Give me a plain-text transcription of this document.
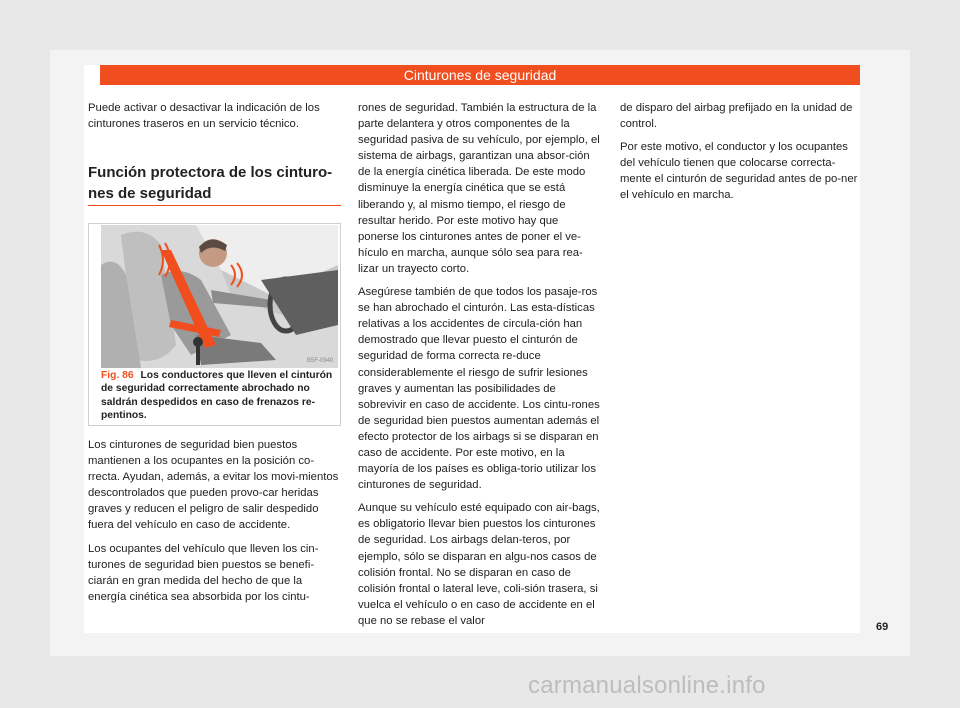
Cinturones de seguridad

Puede activar o desactivar la indicación de los cinturones traseros en un servicio técnico.

Función protectora de los cinturo-nes de seguridad
B5F-0940
Fig. 86 Los conductores que lleven el cinturón de seguridad correctamente abrochado no saldrán despedidos en caso de frenazos re-pentinos.

Los cinturones de seguridad bien puestos mantienen a los ocupantes en la posición co-rrecta. Ayudan, además, a evitar los movi-mientos descontrolados que pueden provo-car heridas graves y reducen el peligro de salir despedido fuera del vehículo en caso de accidente.

Los ocupantes del vehículo que lleven los cin-turones de seguridad bien puestos se benefi-ciarán en gran medida del hecho de que la energía cinética sea absorbida por los cintu-

rones de seguridad. También la estructura de la parte delantera y otros componentes de la seguridad pasiva de su vehículo, por ejemplo, el sistema de airbags, garantizan una absor-ción de la energía cinética liberada. De este modo disminuye la energía cinética que se está liberando y, al mismo tiempo, el riesgo de resultar herido. Por este motivo hay que ponerse los cinturones antes de poner el ve-hículo en marcha, aunque sólo sea para rea-lizar un trayecto corto.

Asegúrese también de que todos los pasaje-ros se han abrochado el cinturón. Las esta-dísticas relativas a los accidentes de circula-ción han demostrado que llevar puesto el cinturón de seguridad de forma correcta re-duce considerablemente el riesgo de sufrir lesiones graves y aumentan las posibilidades de sobrevivir en caso de accidente. Los cintu-rones de seguridad bien puestos aumentan además el efecto protector de los airbags si se disparan en caso de accidente. Por este motivo, en la mayoría de los países es obliga-torio utilizar los cinturones de seguridad.

Aunque su vehículo esté equipado con air-bags, es obligatorio llevar bien puestos los cinturones de seguridad. Los airbags delan-teros, por ejemplo, sólo se disparan en algu-nos casos de colisión frontal. No se disparan en caso de colisión frontal o lateral leve, coli-sión trasera, si vuelca el vehículo o en caso de accidente en el que no se rebase el valor

de disparo del airbag prefijado en la unidad de control.

Por este motivo, el conductor y los ocupantes del vehículo tienen que colocarse correcta-mente el cinturón de seguridad antes de po-ner el vehículo en marcha.

69
carmanualsonline.info
